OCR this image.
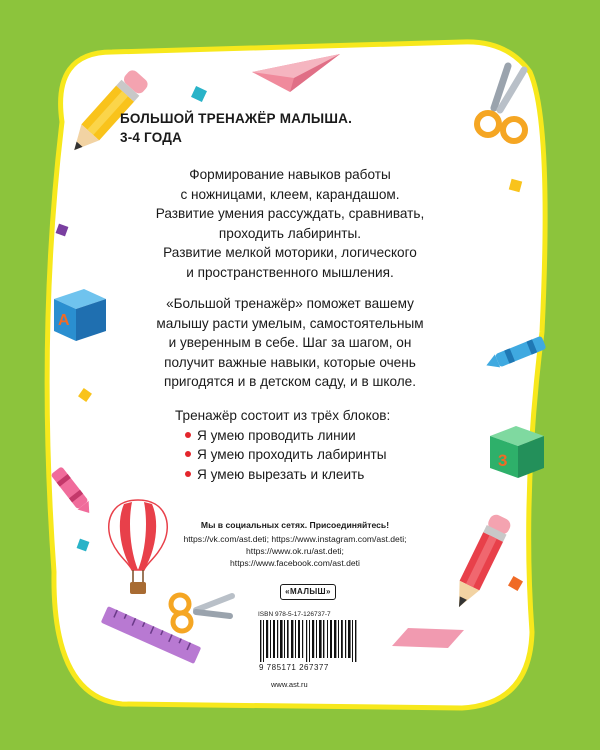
A
3
БОЛЬШОЙ ТРЕНАЖЁР МАЛЫША.
3-4 ГОДА
Формирование навыков работы
с ножницами, клеем, карандашом.
Развитие умения рассуждать, сравнивать,
проходить лабиринты.
Развитие мелкой моторики, логического
и пространственного мышления.
«Большой тренажёр» поможет вашему
малышу расти умелым, самостоятельным
и уверенным в себе. Шаг за шагом, он
получит важные навыки, которые очень
пригодятся и в детском саду, и в школе.
Тренажёр состоит из трёх блоков:
Я умею проводить линии
Я умею проходить лабиринты
Я умею вырезать и клеить
Мы в социальных сетях. Присоединяйтесь!
https://vk.com/ast.deti; https://www.instagram.com/ast.deti;
https://www.ok.ru/ast.deti;
https://www.facebook.com/ast.deti
«МАЛЫШ»
ISBN 978-5-17-126737-7
9 785171 267377
www.ast.ru
